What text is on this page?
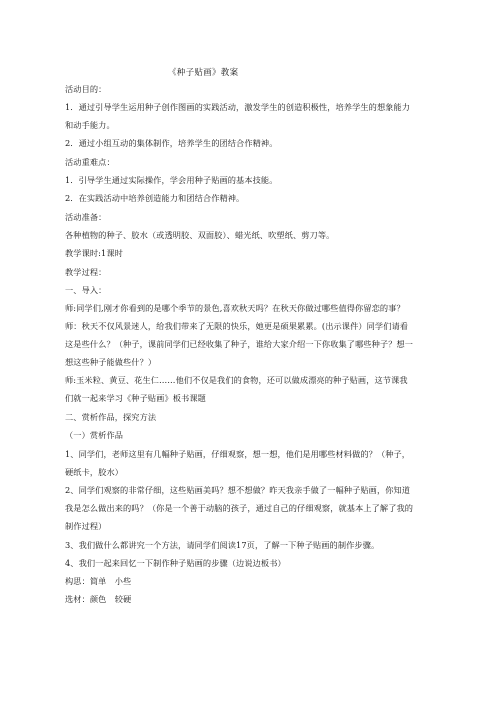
《种子贴画》教案
活动目的：
1．通过引导学生运用种子创作图画的实践活动，激发学生的创造积极性，培养学生的想象能力
和动手能力。
2．通过小组互动的集体制作，培养学生的团结合作精神。
活动重难点：
1．引导学生通过实际操作，学会用种子贴画的基本技能。
2．在实践活动中培养创造能力和团结合作精神。
活动准备：
各种植物的种子、胶水（或透明胶、双面胶）、蜡光纸、吹塑纸、剪刀等。
教学课时:1课时
教学过程：
一、导入：
师:同学们,刚才你看到的是哪个季节的景色,喜欢秋天吗？在秋天你做过哪些值得你留恋的事？
师：秋天不仅风景迷人，给我们带来了无限的快乐，她更是硕果累累。(出示课件）同学们请看
这是些什么？（种子，课前同学们已经收集了种子，谁给大家介绍一下你收集了哪些种子？想一
想这些种子能做些什？）
师:玉米粒、黄豆、花生仁……他们不仅是我们的食物，还可以做成漂亮的种子贴画，这节课我
们就一起来学习《种子贴画》板书课题
二、赏析作品，探究方法
（一）赏析作品
1、同学们，老师这里有几幅种子贴画，仔细观察，想一想，他们是用哪些材料做的？（种子，
硬纸卡，胶水）
2、同学们观察的非常仔细，这些贴画美吗？想不想做？昨天我亲手做了一幅种子贴画，你知道
我是怎么做出来的吗？（你是一个善于动脑的孩子，通过自己的仔细观察，就基本上了解了我的
制作过程）
3、我们做什么都讲究一个方法，请同学们阅读17页，了解一下种子贴画的制作步骤。
4、我们一起来回忆一下制作种子贴画的步骤（边说边板书）
构思：简单　小些
选材：颜色　较硬
